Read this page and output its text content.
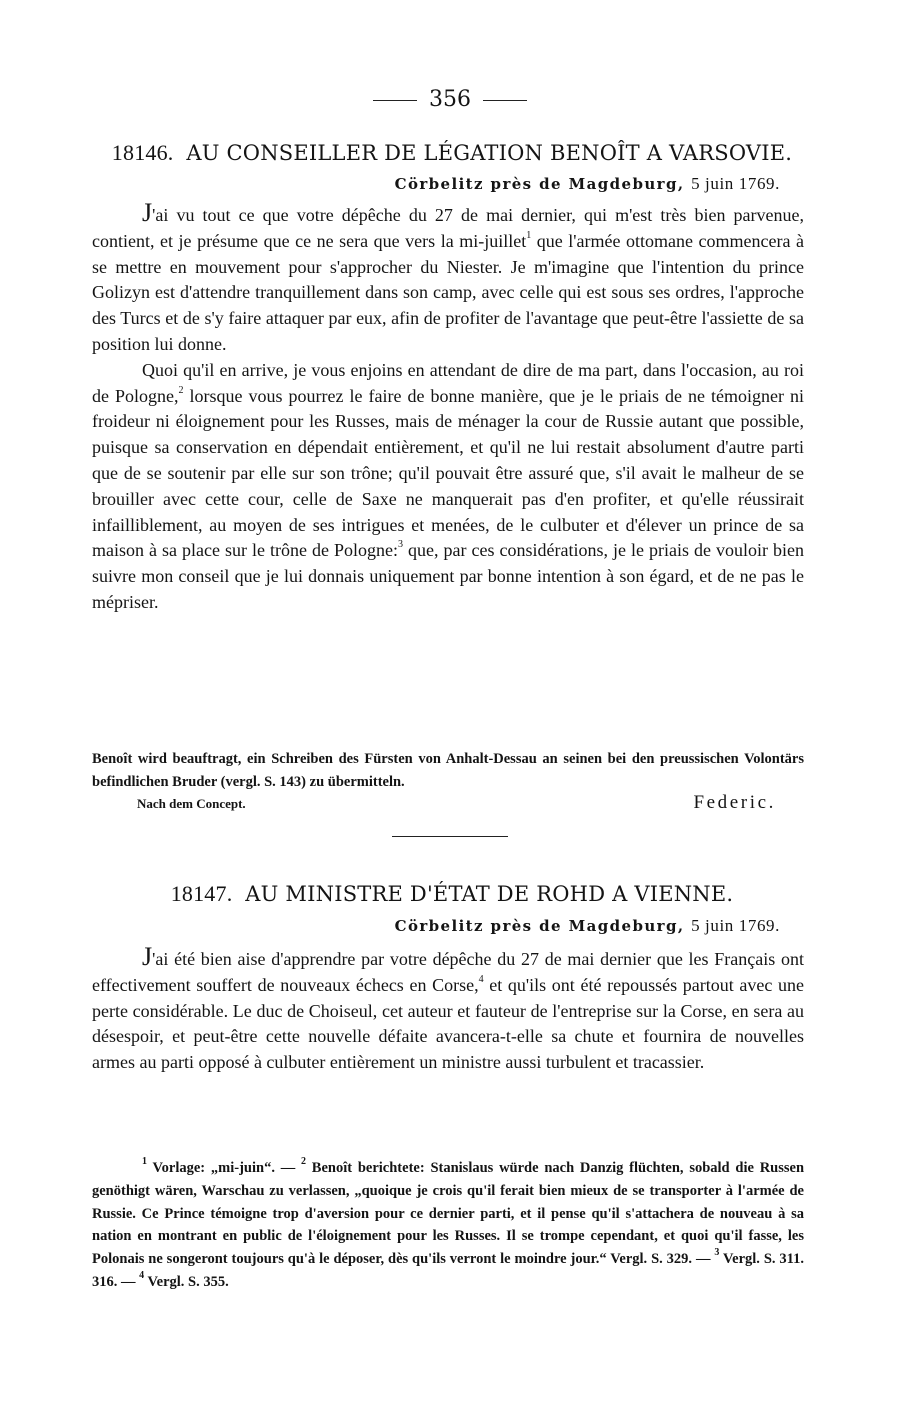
356
18146. AU CONSEILLER DE LÉGATION BENOÎT A VARSOVIE.
Cörbelitz près de Magdeburg, 5 juin 1769.

J'ai vu tout ce que votre dépêche du 27 de mai dernier, qui m'est très bien parvenue, contient, et je présume que ce ne sera que vers la mi-juillet$^1$ que l'armée ottomane commencera à se mettre en mouvement pour s'approcher du Niester. Je m'imagine que l'intention du prince Golizyn est d'attendre tranquillement dans son camp, avec celle qui est sous ses ordres, l'approche des Turcs et de s'y faire attaquer par eux, afin de profiter de l'avantage que peut-être l'assiette de sa position lui donne.

Quoi qu'il en arrive, je vous enjoins en attendant de dire de ma part, dans l'occasion, au roi de Pologne,$^2$ lorsque vous pourrez le faire de bonne manière, que je le priais de ne témoigner ni froideur ni éloignement pour les Russes, mais de ménager la cour de Russie autant que possible, puisque sa conservation en dépendait entièrement, et qu'il ne lui restait absolument d'autre parti que de se soutenir par elle sur son trône; qu'il pouvait être assuré que, s'il avait le malheur de se brouiller avec cette cour, celle de Saxe ne manquerait pas d'en profiter, et qu'elle réussirait infailliblement, au moyen de ses intrigues et menées, de le culbuter et d'élever un prince de sa maison à sa place sur le trône de Pologne:$^3$ que, par ces considérations, je le priais de vouloir bien suivre mon conseil que je lui donnais uniquement par bonne intention à son égard, et de ne pas le mépriser.

Benoît wird beauftragt, ein Schreiben des Fürsten von Anhalt-Dessau an seinen bei den preussischen Volontärs befindlichen Bruder (vergl. S. 143) zu übermitteln.
Nach dem Concept.	Federic.
18147. AU MINISTRE D'ÉTAT DE ROHD A VIENNE.
Cörbelitz près de Magdeburg, 5 juin 1769.

J'ai été bien aise d'apprendre par votre dépêche du 27 de mai dernier que les Français ont effectivement souffert de nouveaux échecs en Corse,$^4$ et qu'ils ont été repoussés partout avec une perte considérable. Le duc de Choiseul, cet auteur et fauteur de l'entreprise sur la Corse, en sera au désespoir, et peut-être cette nouvelle défaite avancera-t-elle sa chute et fournira de nouvelles armes au parti opposé à culbuter entièrement un ministre aussi turbulent et tracassier.

$^1$ Vorlage: „mi-juin“. — $^2$ Benoît berichtete: Stanislaus würde nach Danzig flüchten, sobald die Russen genöthigt wären, Warschau zu verlassen, „quoique je crois qu'il ferait bien mieux de se transporter à l'armée de Russie. Ce Prince témoigne trop d'aversion pour ce dernier parti, et il pense qu'il s'attachera de nouveau à sa nation en montrant en public de l'éloignement pour les Russes. Il se trompe cependant, et quoi qu'il fasse, les Polonais ne songeront toujours qu'à le déposer, dès qu'ils verront le moindre jour.“ Vergl. S. 329. — $^3$ Vergl. S. 311. 316. — $^4$ Vergl. S. 355.
